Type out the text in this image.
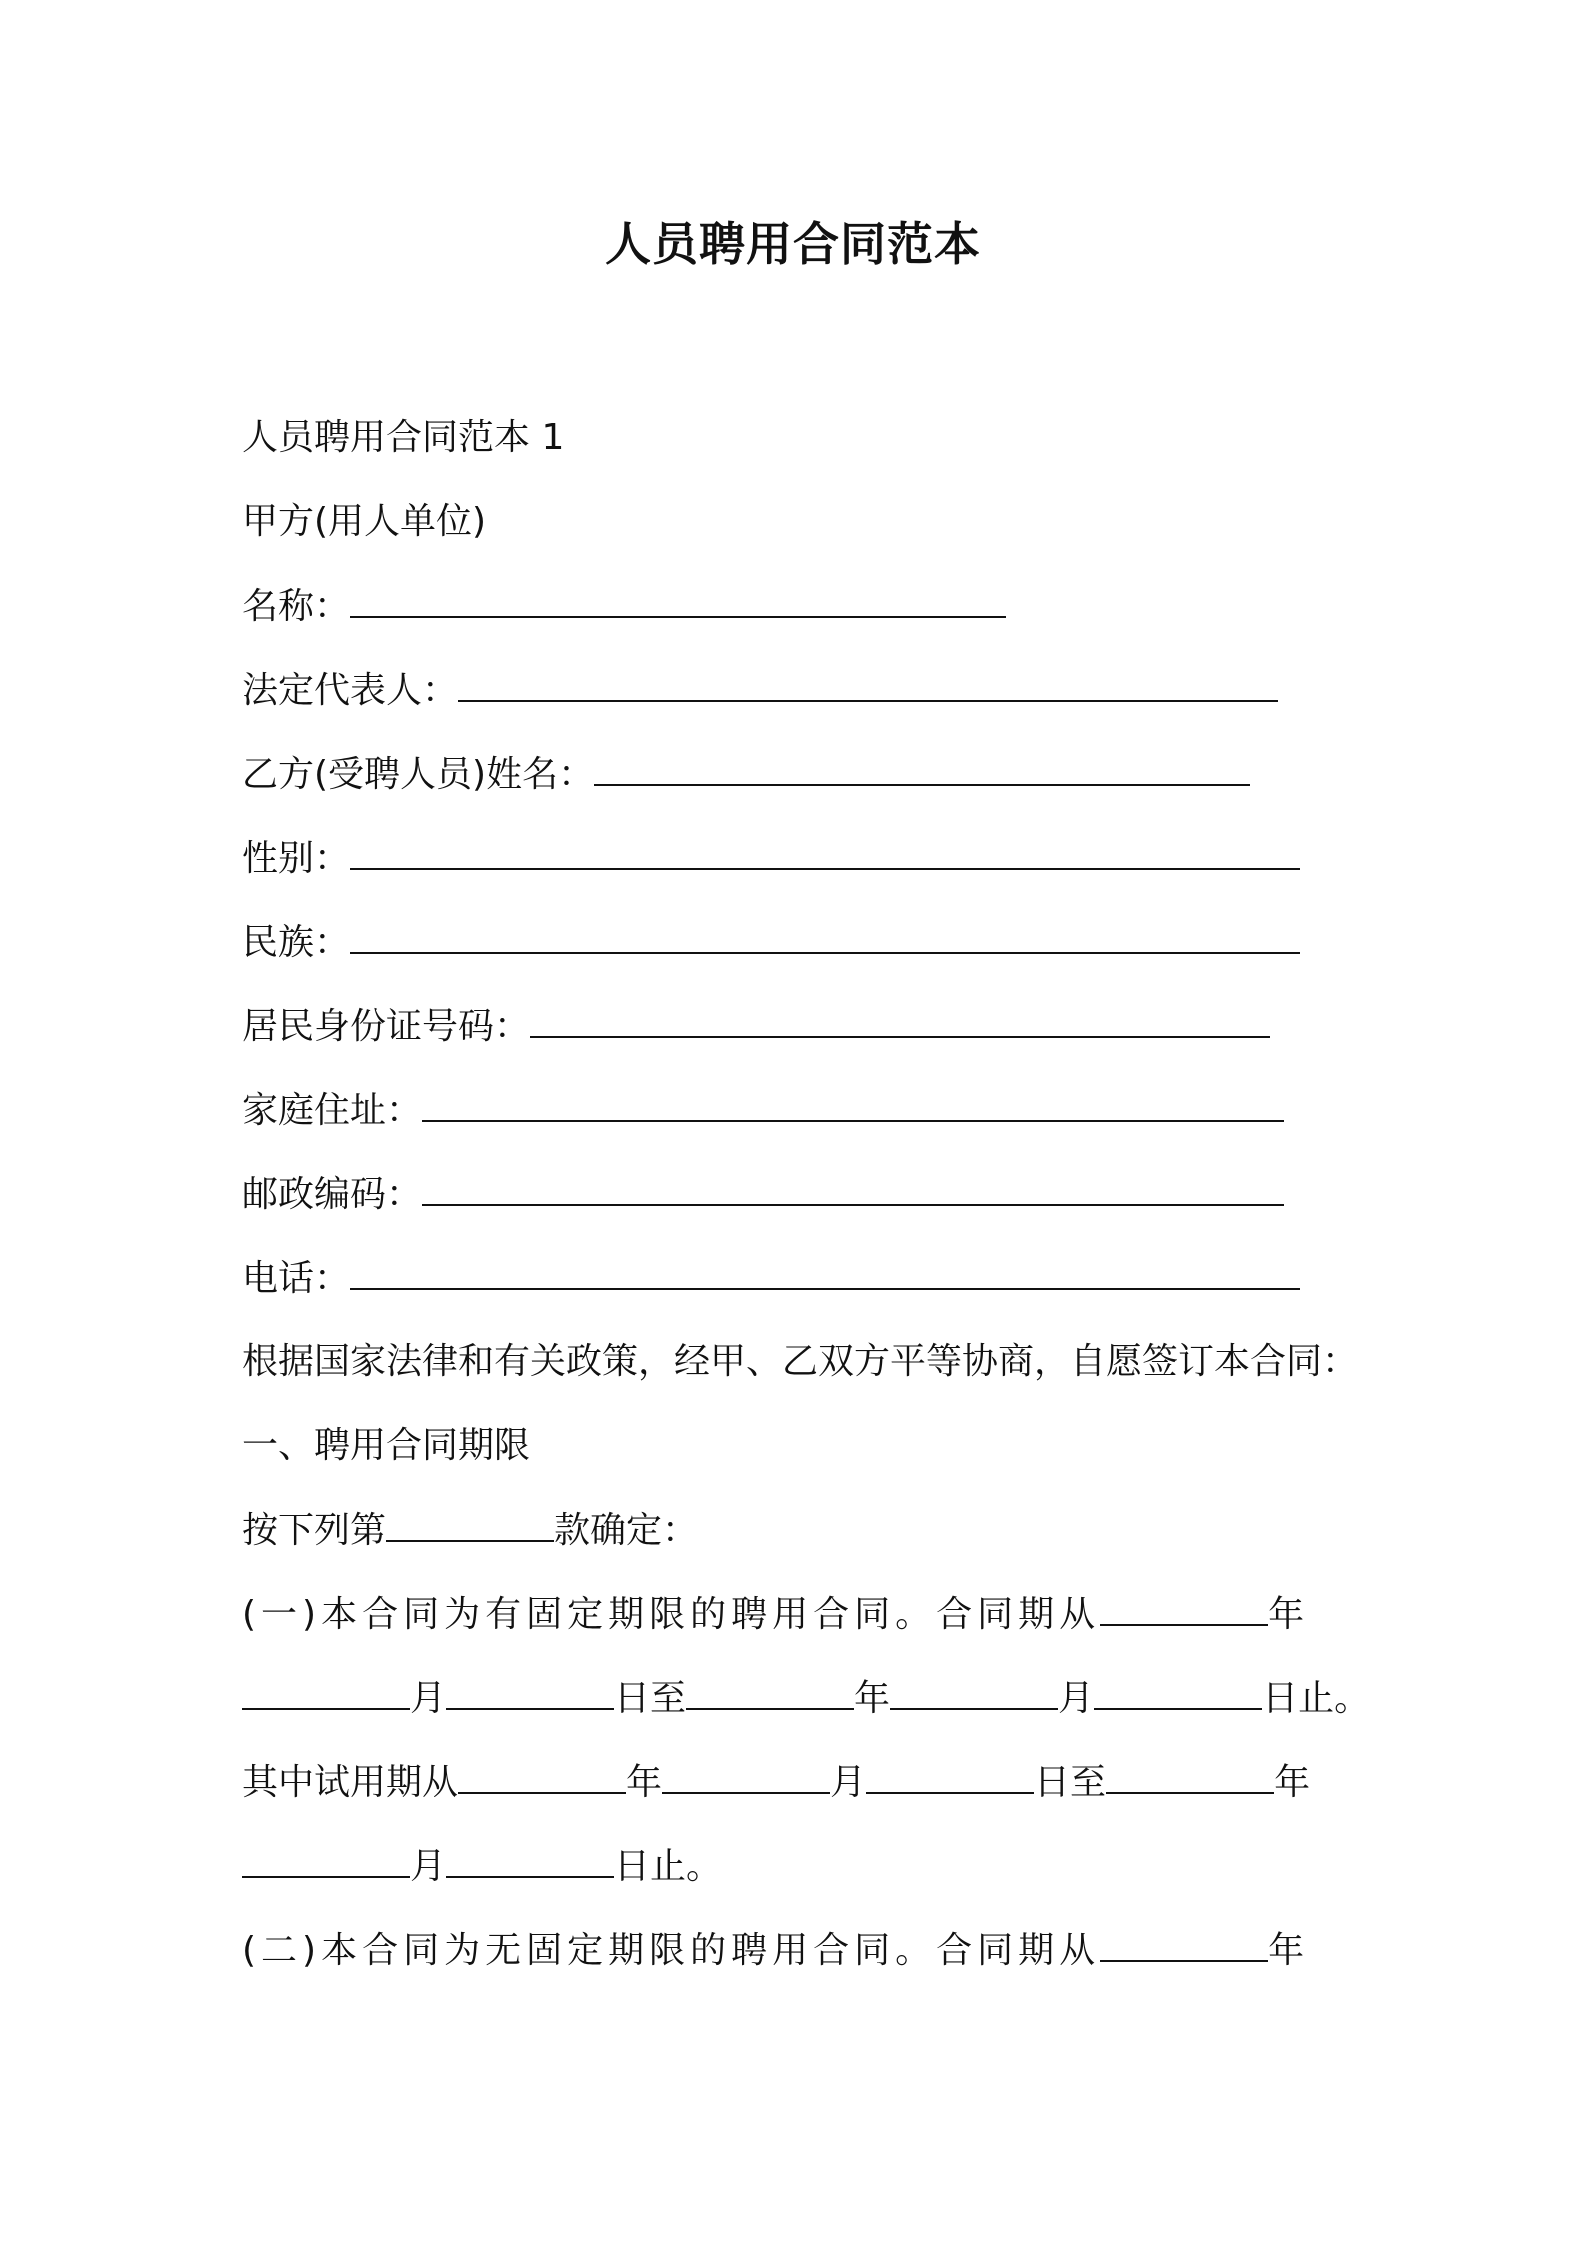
人员聘用合同范本
人员聘用合同范本 1
甲方(用人单位)
名称：
法定代表人：
乙方(受聘人员)姓名：
性别：
民族：
居民身份证号码：
家庭住址：
邮政编码：
电话：
根据国家法律和有关政策，经甲、乙双方平等协商，自愿签订本合同：
一、聘用合同期限
按下列第	款确定：
(一)本合同为有固定期限的聘用合同。合同期从	年
月	日至	年	月	日止。
其中试用期从	年	月	日至	年
月	日止。
(二)本合同为无固定期限的聘用合同。合同期从	年
